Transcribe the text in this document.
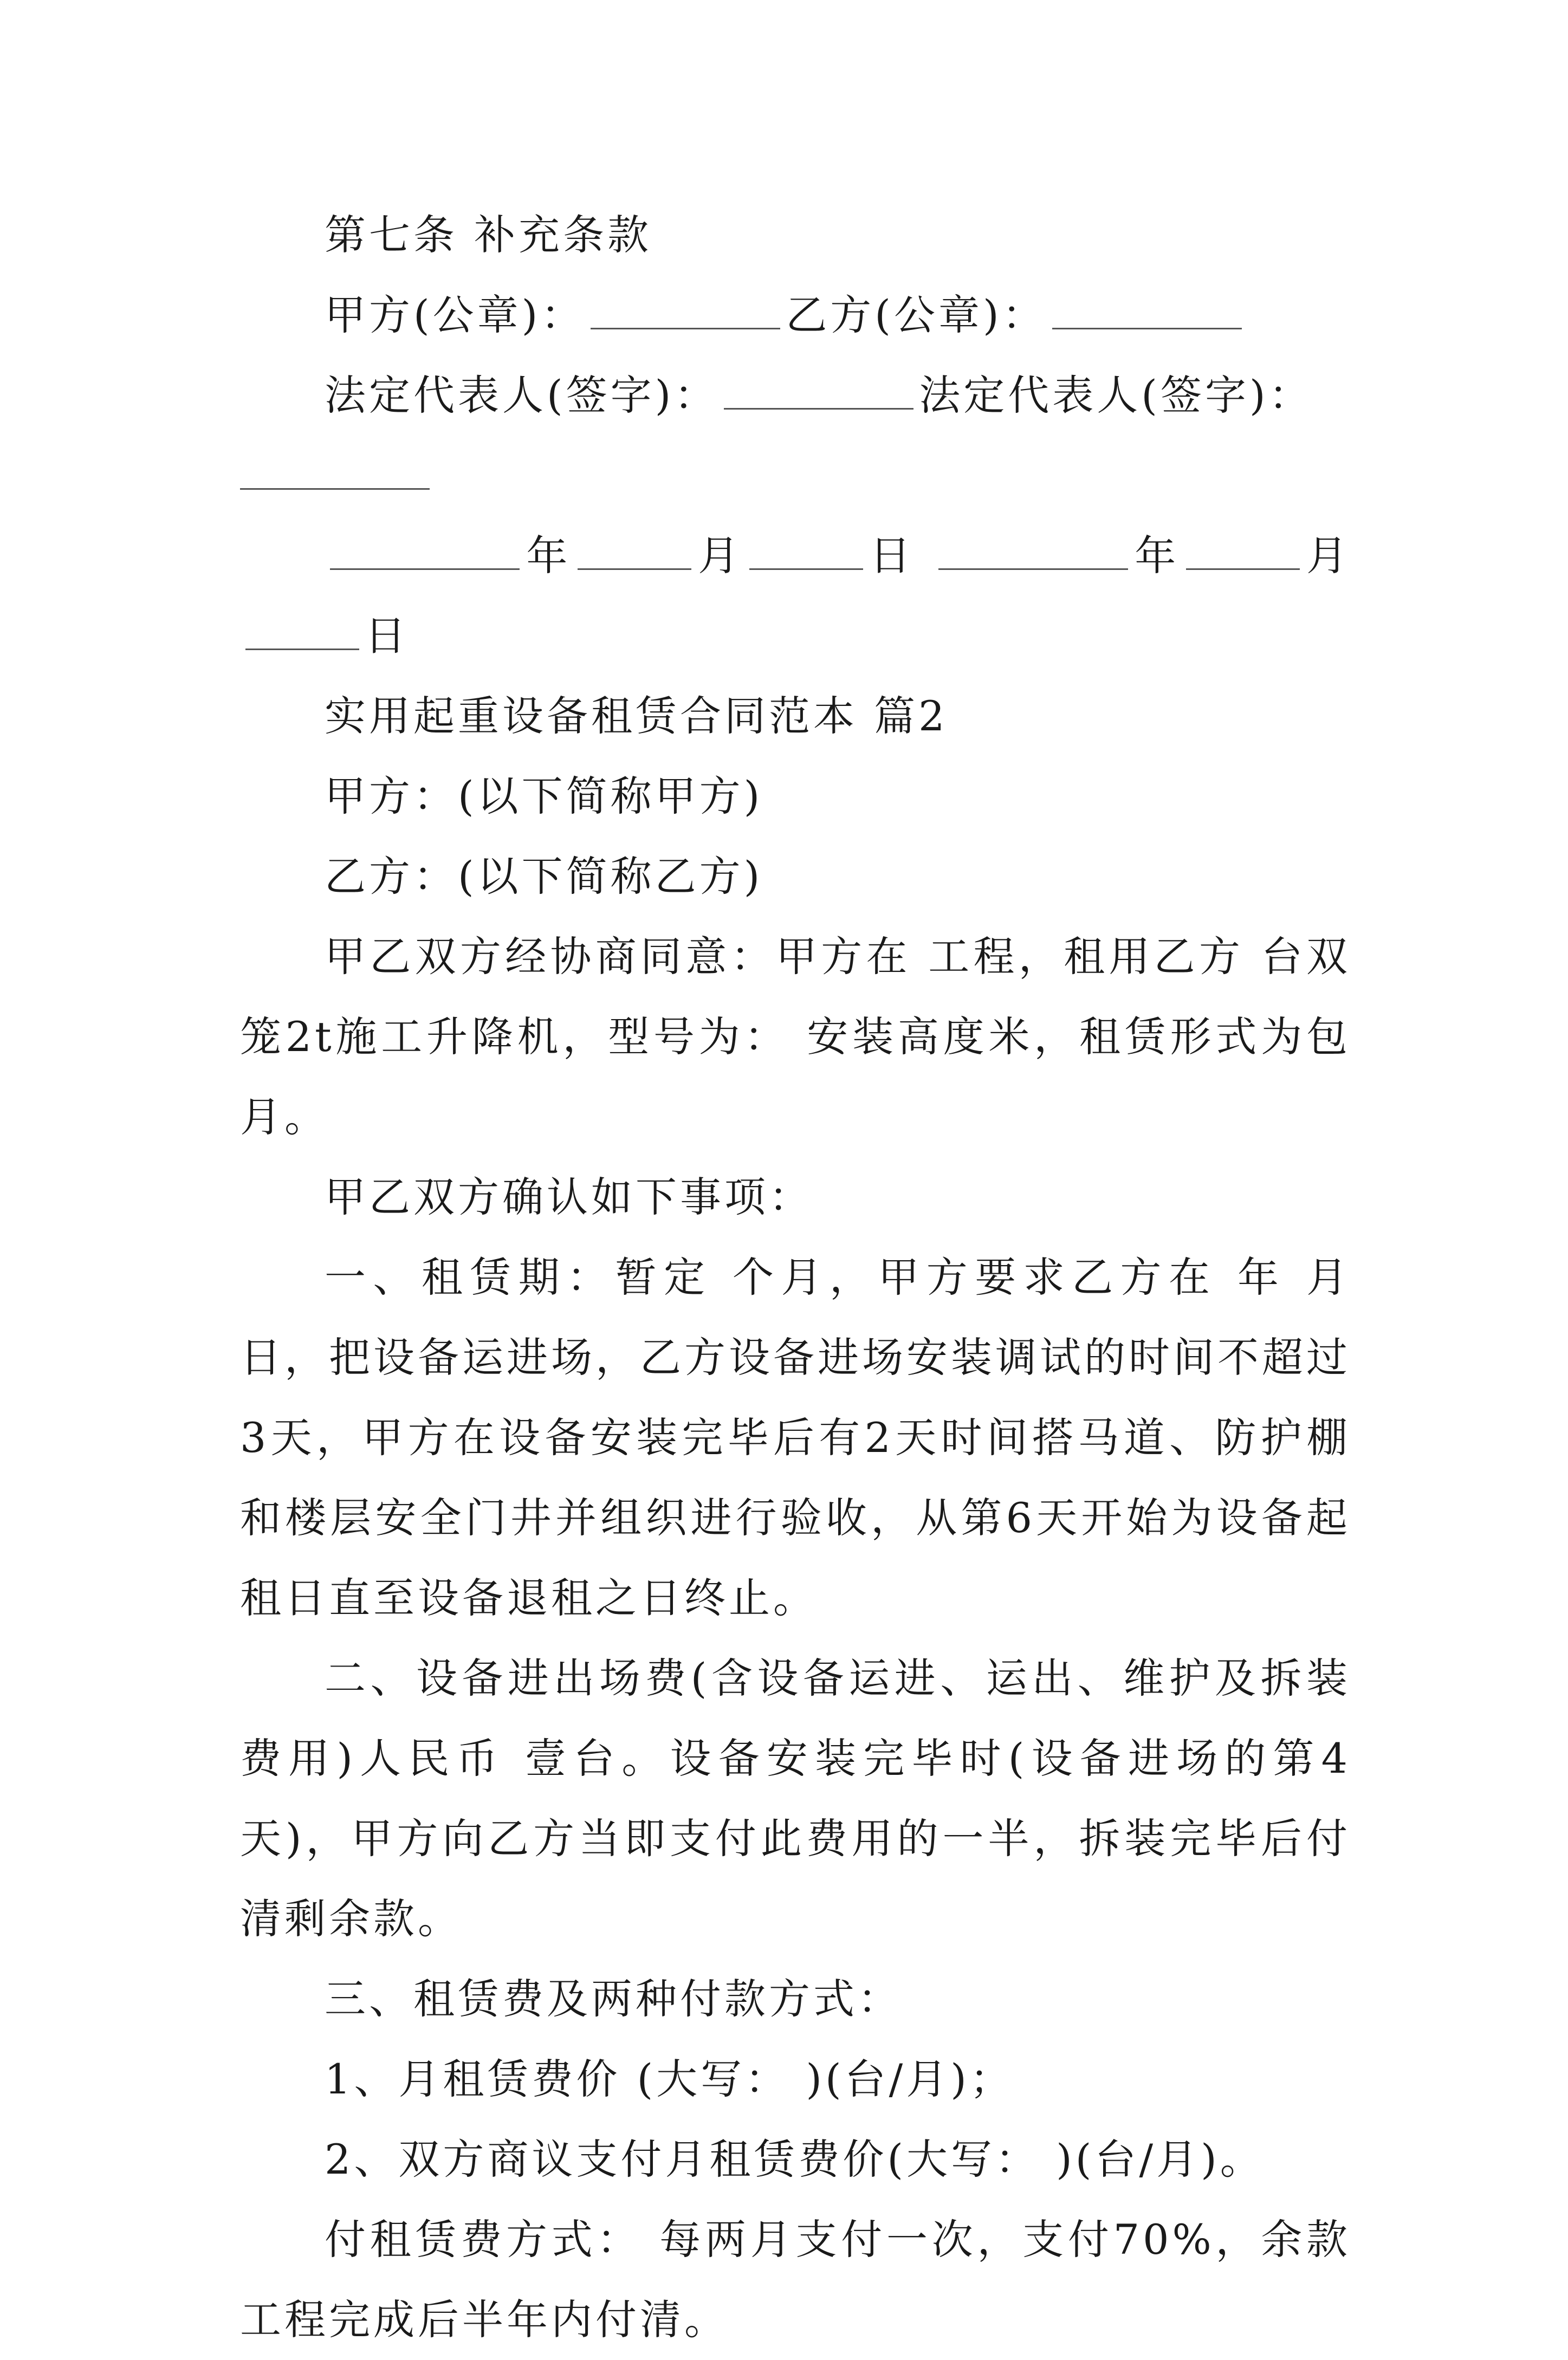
第七条 补充条款

甲方(公章)：	乙方(公章)：

法定代表人(签字)：	法定代表人(签字)：

年	月	日	年	月日

实用起重设备租赁合同范本 篇2

甲方：(以下简称甲方)

乙方：(以下简称乙方)

甲乙双方经协商同意：甲方在 工程，租用乙方 台双笼2t施工升降机，型号为： 安装高度米，租赁形式为包月。

甲乙双方确认如下事项：

一、租赁期：暂定 个月，甲方要求乙方在 年 月 日，把设备运进场，乙方设备进场安装调试的时间不超过3天，甲方在设备安装完毕后有2天时间搭马道、防护棚和楼层安全门井并组织进行验收，从第6天开始为设备起租日直至设备退租之日终止。

二、设备进出场费(含设备运进、运出、维护及拆装费用)人民币 壹台。设备安装完毕时(设备进场的第4天)，甲方向乙方当即支付此费用的一半，拆装完毕后付清剩余款。

三、租赁费及两种付款方式：

1、月租赁费价 (大写： )(台/月)；

2、双方商议支付月租赁费价(大写： )(台/月)。

付租赁费方式： 每两月支付一次，支付70%，余款工程完成后半年内付清。
